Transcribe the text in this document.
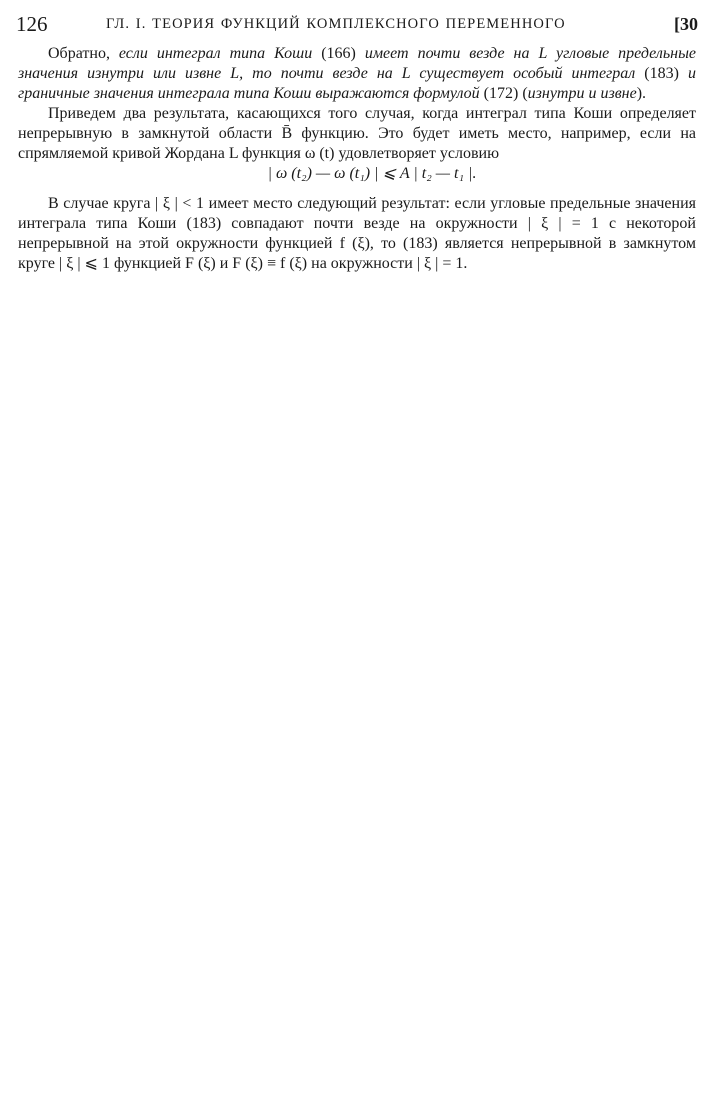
126	ГЛ. I. ТЕОРИЯ ФУНКЦИЙ КОМПЛЕКСНОГО ПЕРЕМЕННОГО	[30

Обратно, если интеграл типа Коши (166) имеет почти везде на L угловые предельные значения изнутри или извне L, то почти везде на L существует особый интеграл (183) и граничные значения интеграла типа Коши выражаются формулой (172) (изнутри и извне).

Приведем два результата, касающихся того случая, когда интеграл типа Коши определяет непрерывную в замкнутой области B̄ функцию. Это будет иметь место, например, если на спрямляемой кривой Жордана L функция ω (t) удовлетворяет условию

| ω (t₂) — ω (t₁) | ⩽ A | t₂ — t₁ |.

В случае круга | ξ | < 1 имеет место следующий результат: если угловые предельные значения интеграла типа Коши (183) совпадают почти везде на окружности | ξ | = 1 с некоторой непрерывной на этой окружности функцией f (ξ), то (183) является непрерывной в замкнутом круге | ξ | ⩽ 1 функцией F (ξ) и F (ξ) ≡ f (ξ) на окружности | ξ | = 1.
